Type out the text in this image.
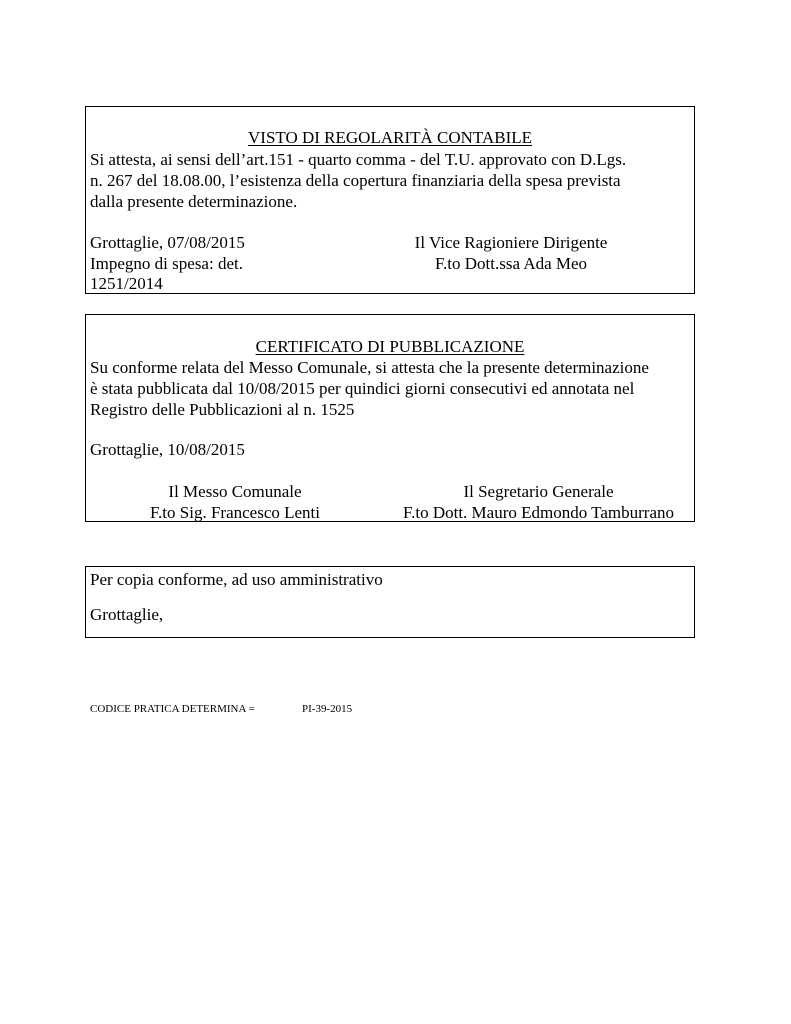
VISTO DI REGOLARITÀ CONTABILE
Si attesta, ai sensi dell’art.151 - quarto comma - del T.U. approvato con D.Lgs.
n. 267 del 18.08.00, l’esistenza della copertura finanziaria della spesa prevista
dalla presente determinazione.
Grottaglie, 07/08/2015
Impegno di spesa: det.
1251/2014
Il Vice Ragioniere Dirigente
F.to Dott.ssa Ada Meo
CERTIFICATO DI PUBBLICAZIONE
Su conforme relata del Messo Comunale, si attesta che la presente determinazione
è stata pubblicata dal 10/08/2015 per quindici giorni consecutivi ed annotata nel
Registro delle Pubblicazioni al n. 1525
Grottaglie, 10/08/2015
Il Messo Comunale
F.to Sig. Francesco Lenti
Il Segretario Generale
F.to Dott. Mauro Edmondo Tamburrano
Per copia conforme, ad uso amministrativo
Grottaglie,
CODICE PRATICA DETERMINA =	PI-39-2015
